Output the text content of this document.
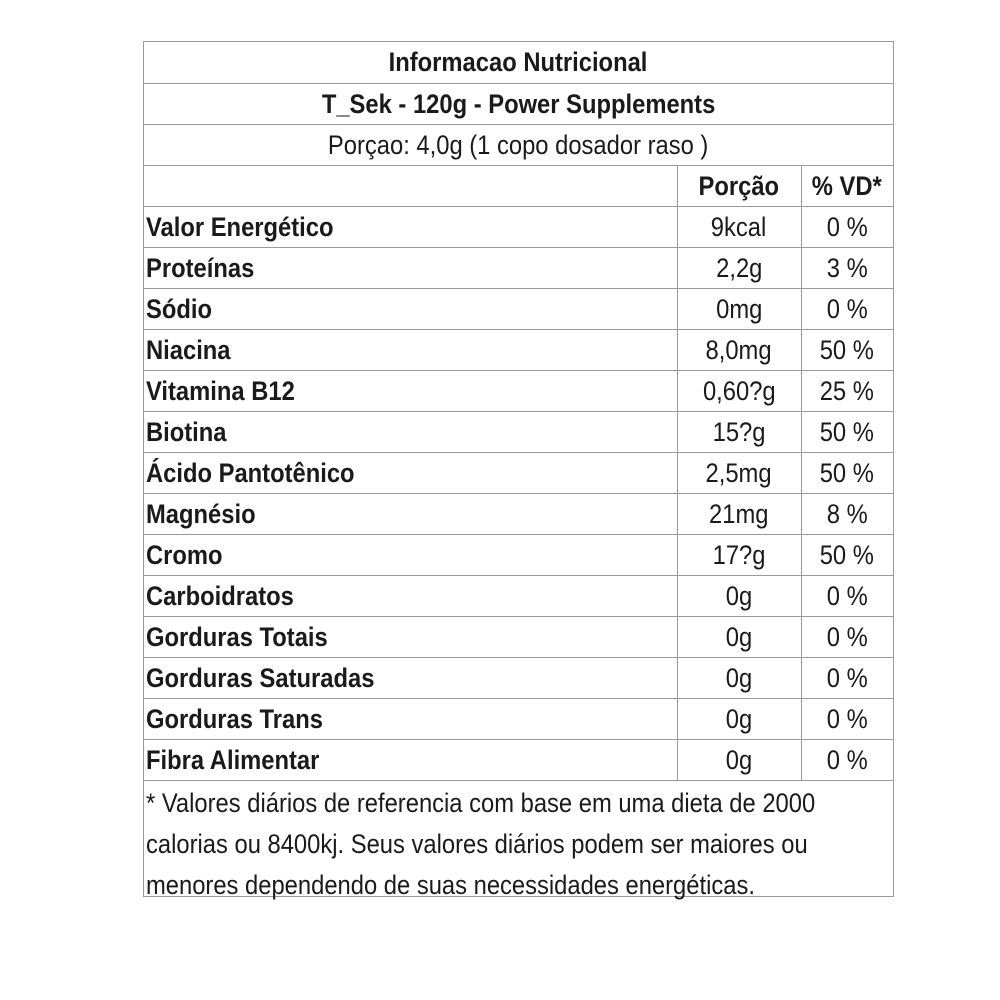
Informacao Nutricional
T_Sek - 120g - Power Supplements
Porçao: 4,0g (1 copo dosador raso )
	Porção	% VD*
Valor Energético	9kcal	0 %
Proteínas	2,2g	3 %
Sódio	0mg	0 %
Niacina	8,0mg	50 %
Vitamina B12	0,60?g	25 %
Biotina	15?g	50 %
Ácido Pantotênico	2,5mg	50 %
Magnésio	21mg	8 %
Cromo	17?g	50 %
Carboidratos	0g	0 %
Gorduras Totais	0g	0 %
Gorduras Saturadas	0g	0 %
Gorduras Trans	0g	0 %
Fibra Alimentar	0g	0 %
* Valores diários de referencia com base em uma dieta de 2000 calorias ou 8400kj. Seus valores diários podem ser maiores ou menores dependendo de suas necessidades energéticas.
